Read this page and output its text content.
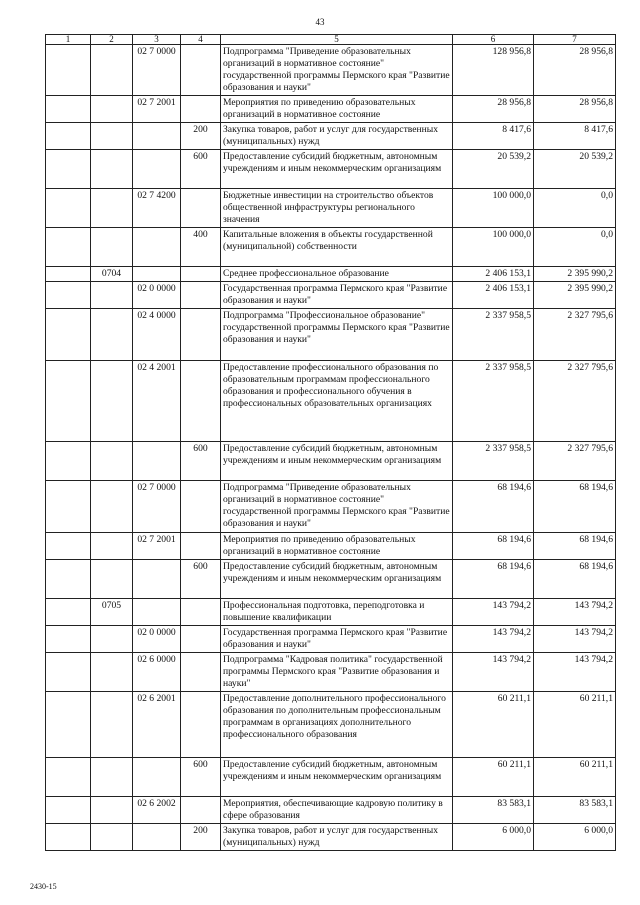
43
1	2	3	4	5	6	7
		02 7 0000		Подпрограмма "Приведение образовательных организаций в нормативное состояние" государственной программы Пермского края "Развитие образования и науки"	128 956,8	28 956,8
		02 7 2001		Мероприятия по приведению образовательных организаций в нормативное состояние	28 956,8	28 956,8
			200	Закупка товаров, работ и услуг для государственных (муниципальных) нужд	8 417,6	8 417,6
			600	Предоставление субсидий бюджетным, автономным учреждениям и иным некоммерческим организациям	20 539,2	20 539,2
		02 7 4200		Бюджетные инвестиции на строительство объектов общественной инфраструктуры регионального значения	100 000,0	0,0
			400	Капитальные вложения в объекты государственной (муниципальной) собственности	100 000,0	0,0
	0704			Среднее профессиональное образование	2 406 153,1	2 395 990,2
		02 0 0000		Государственная программа Пермского края "Развитие образования и науки"	2 406 153,1	2 395 990,2
		02 4 0000		Подпрограмма "Профессиональное образование" государственной программы Пермского края "Развитие образования и науки"	2 337 958,5	2 327 795,6
		02 4 2001		Предоставление профессионального образования по образовательным программам профессионального образования и профессионального обучения в профессиональных образовательных организациях	2 337 958,5	2 327 795,6
			600	Предоставление субсидий бюджетным, автономным учреждениям и иным некоммерческим организациям	2 337 958,5	2 327 795,6
		02 7 0000		Подпрограмма "Приведение образовательных организаций в нормативное состояние" государственной программы Пермского края "Развитие образования и науки"	68 194,6	68 194,6
		02 7 2001		Мероприятия по приведению образовательных организаций в нормативное состояние	68 194,6	68 194,6
			600	Предоставление субсидий бюджетным, автономным учреждениям и иным некоммерческим организациям	68 194,6	68 194,6
	0705			Профессиональная подготовка, переподготовка и повышение квалификации	143 794,2	143 794,2
		02 0 0000		Государственная программа Пермского края "Развитие образования и науки"	143 794,2	143 794,2
		02 6 0000		Подпрограмма "Кадровая политика" государственной программы Пермского края "Развитие образования и науки"	143 794,2	143 794,2
		02 6 2001		Предоставление дополнительного профессионального образования по дополнительным профессиональным программам в организациях дополнительного профессионального образования	60 211,1	60 211,1
			600	Предоставление субсидий бюджетным, автономным учреждениям и иным некоммерческим организациям	60 211,1	60 211,1
		02 6 2002		Мероприятия, обеспечивающие кадровую политику в сфере образования	83 583,1	83 583,1
			200	Закупка товаров, работ и услуг для государственных (муниципальных) нужд	6 000,0	6 000,0
2430-15
